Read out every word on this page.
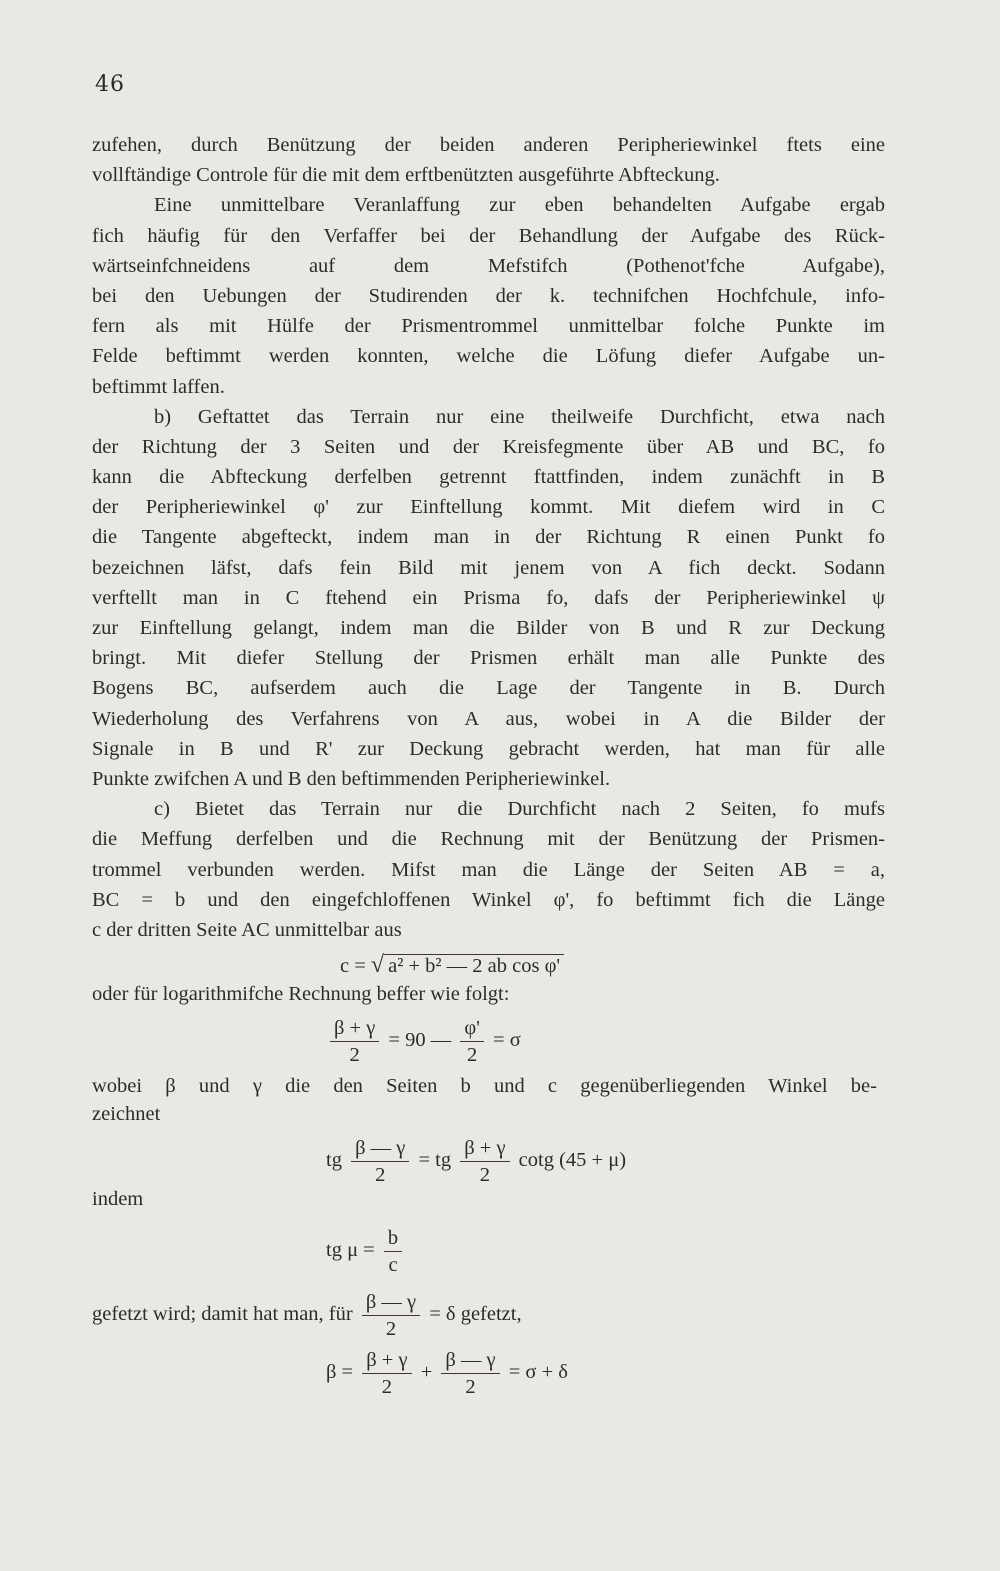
46
zufehen, durch Benützung der beiden anderen Peripheriewinkel ftets eine
vollftändige Controle für die mit dem erftbenützten ausgeführte Abfteckung.
Eine unmittelbare Veranlaffung zur eben behandelten Aufgabe ergab
fich häufig für den Verfaffer bei der Behandlung der Aufgabe des Rück-
wärtseinfchneidens auf dem Mefstifch (Pothenot'fche Aufgabe),
bei den Uebungen der Studirenden der k. technifchen Hochfchule, info-
fern als mit Hülfe der Prismentrommel unmittelbar folche Punkte im
Felde beftimmt werden konnten, welche die Löfung diefer Aufgabe un-
beftimmt laffen.
b) Geftattet das Terrain nur eine theilweife Durchficht, etwa nach
der Richtung der 3 Seiten und der Kreisfegmente über AB und BC, fo
kann die Abfteckung derfelben getrennt ftattfinden, indem zunächft in B
der Peripheriewinkel φ' zur Einftellung kommt. Mit diefem wird in C
die Tangente abgefteckt, indem man in der Richtung R einen Punkt fo
bezeichnen läfst, dafs fein Bild mit jenem von A fich deckt. Sodann
verftellt man in C ftehend ein Prisma fo, dafs der Peripheriewinkel ψ
zur Einftellung gelangt, indem man die Bilder von B und R zur Deckung
bringt. Mit diefer Stellung der Prismen erhält man alle Punkte des
Bogens BC, aufserdem auch die Lage der Tangente in B. Durch
Wiederholung des Verfahrens von A aus, wobei in A die Bilder der
Signale in B und R' zur Deckung gebracht werden, hat man für alle
Punkte zwifchen A und B den beftimmenden Peripheriewinkel.
c) Bietet das Terrain nur die Durchficht nach 2 Seiten, fo mufs
die Meffung derfelben und die Rechnung mit der Benützung der Prismen-
trommel verbunden werden. Mifst man die Länge der Seiten AB = a,
BC = b und den eingefchloffenen Winkel φ', fo beftimmt fich die Länge
c der dritten Seite AC unmittelbar aus
c = √ a² + b² — 2 ab cos φ'
oder für logarithmifche Rechnung beffer wie folgt:
$\frac{\beta + \gamma}{2} = 90$ — $\frac{\varphi'}{2} = \sigma$
wobei β und γ die den Seiten b und c gegenüberliegenden Winkel be-
zeichnet
tg $\frac{\beta — \gamma}{2}$ = tg $\frac{\beta + \gamma}{2}$ cotg (45 + μ)
indem
tg $\mu = \frac{b}{c}$
gefetzt wird; damit hat man, für $\frac{\beta — \gamma}{2} = \delta$ gefetzt,
$\beta = \frac{\beta + \gamma}{2} + \frac{\beta — \gamma}{2} = \sigma + \delta$
